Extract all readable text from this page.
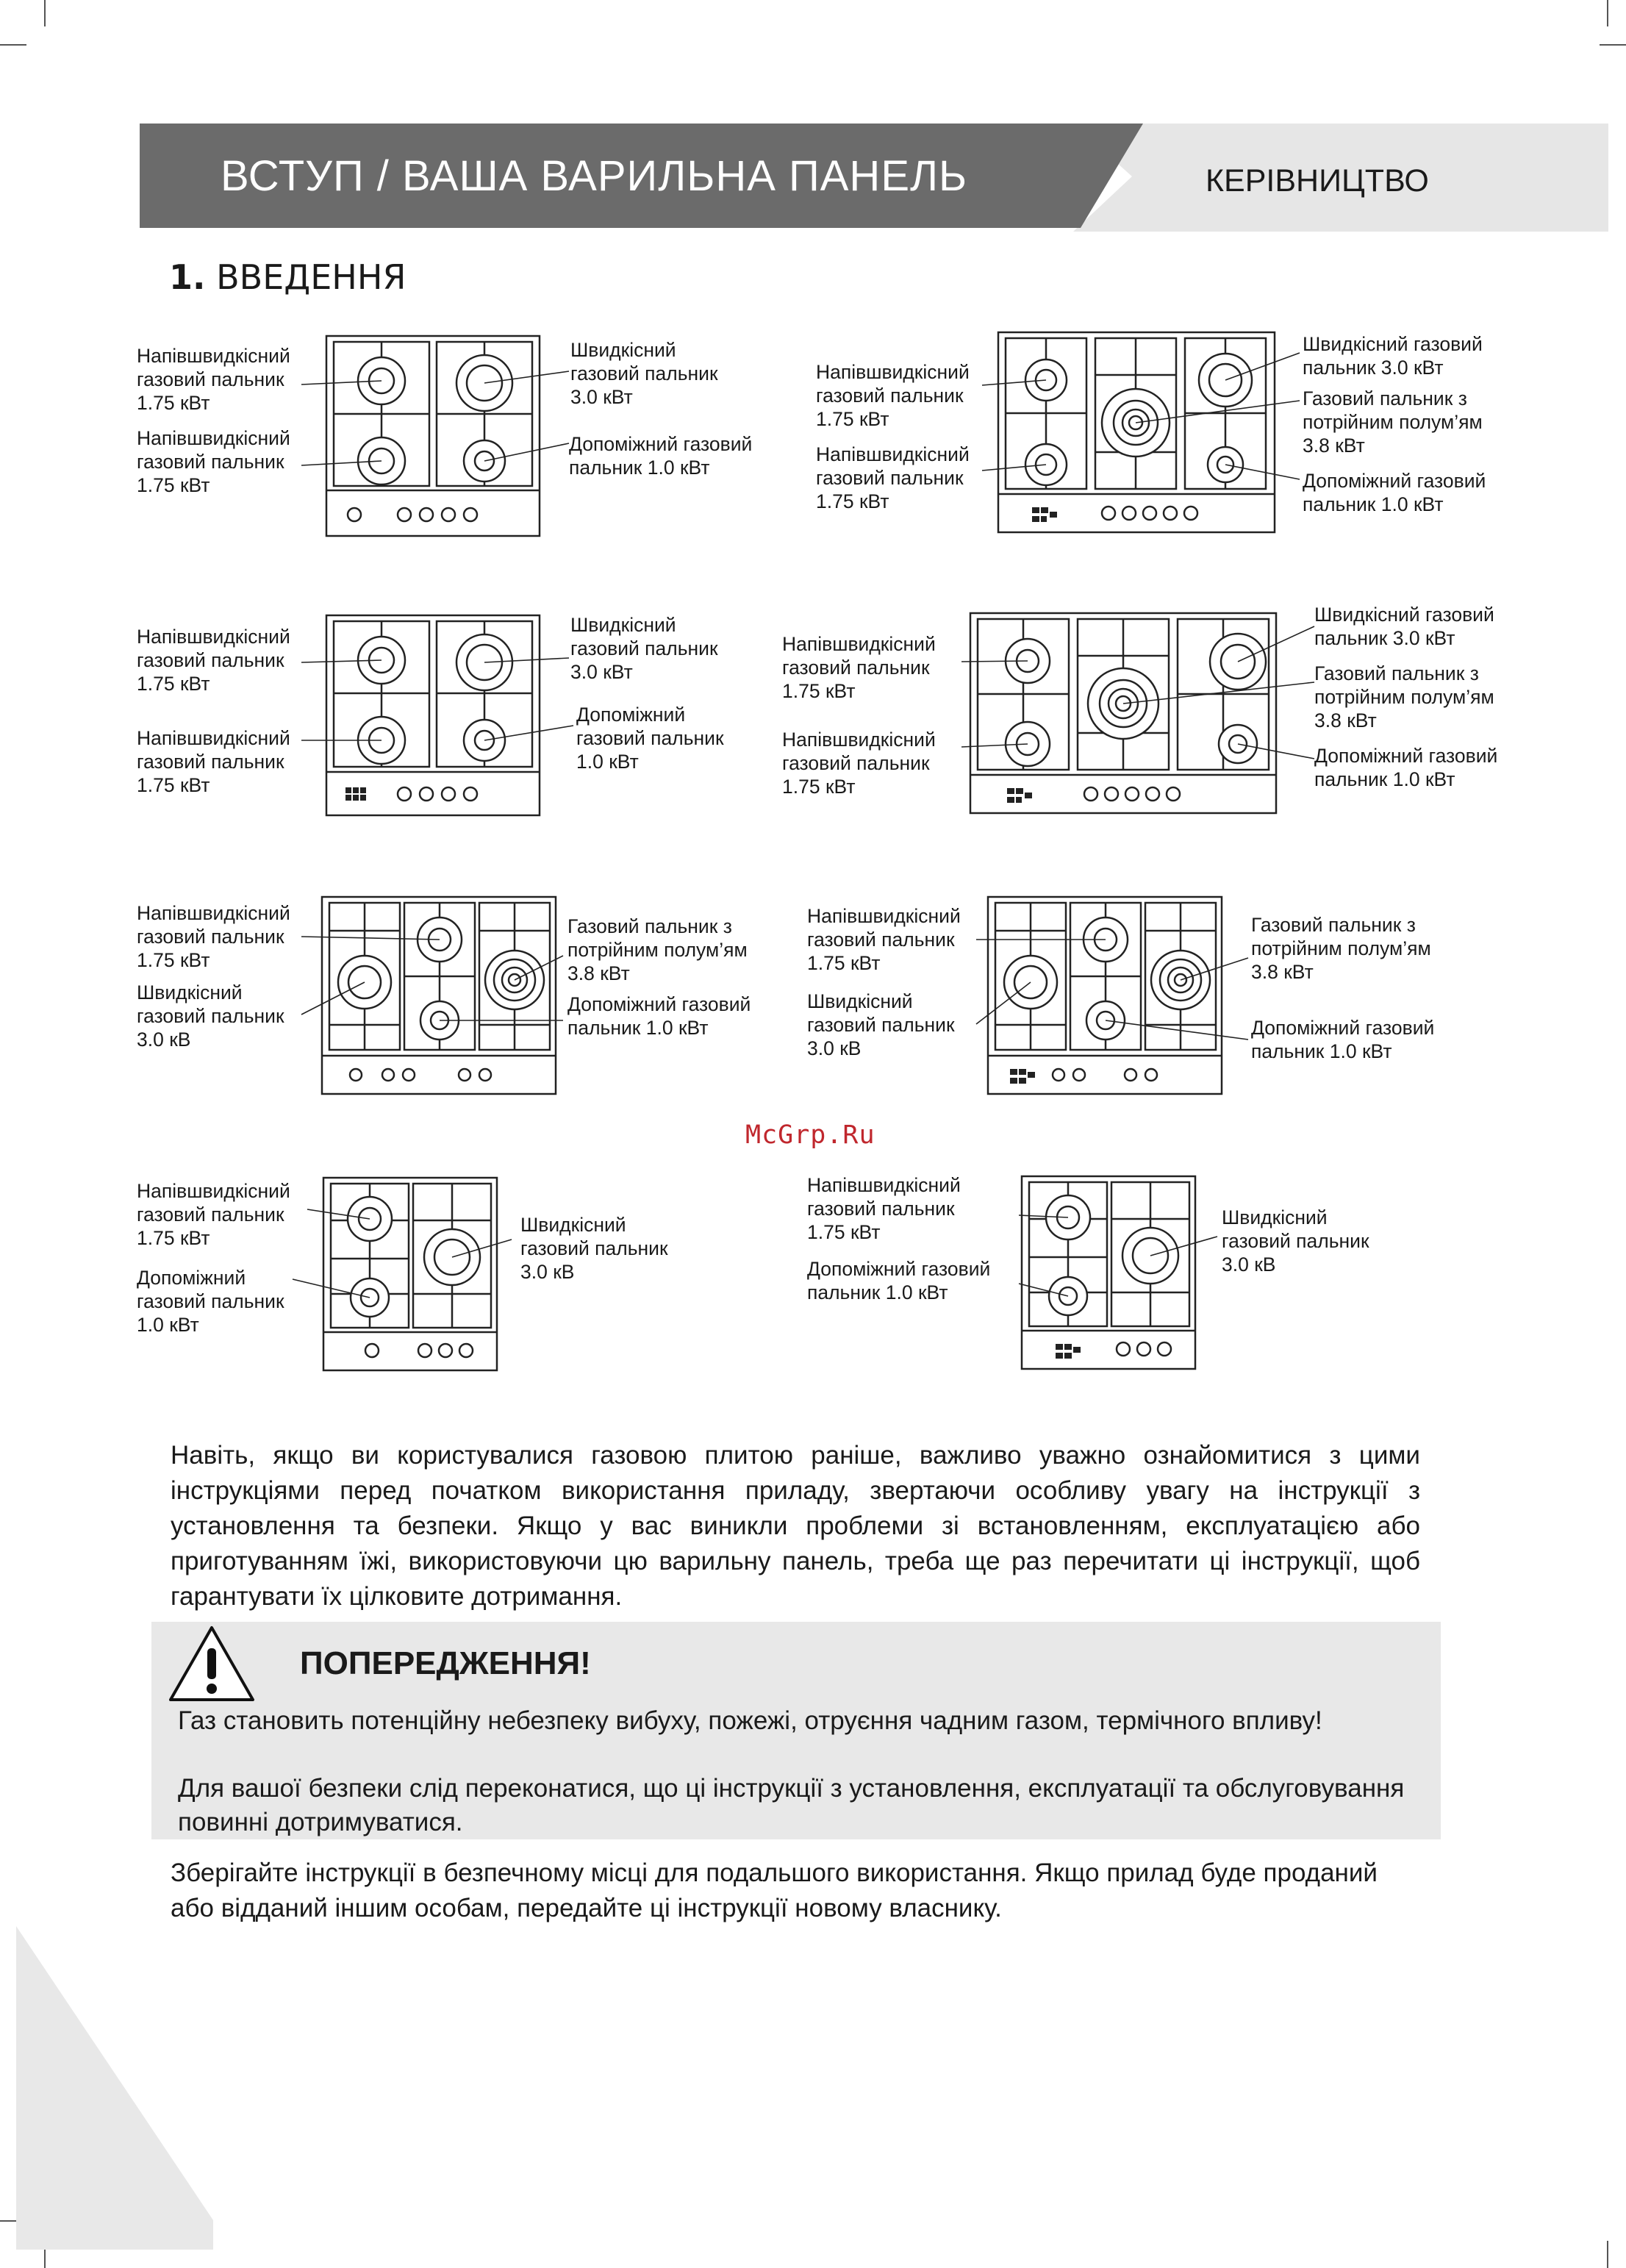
ВСТУП / ВАША ВАРИЛЬНА ПАНЕЛЬ	КЕРІВНИЦТВО
1. ВВЕДЕННЯ
Напівшвидкісний
газовий пальник
1.75 кВт
Напівшвидкісний
газовий пальник
1.75 кВт
Швидкісний
газовий пальник
3.0 кВт
Допоміжний газовий
пальник 1.0 кВт
Напівшвидкісний
газовий пальник
1.75 кВт
Напівшвидкісний
газовий пальник
1.75 кВт
Швидкісний газовий
пальник 3.0 кВт
Газовий пальник з
потрійним полум’ям
3.8 кВт
Допоміжний газовий
пальник 1.0 кВт
Напівшвидкісний
газовий пальник
1.75 кВт
Напівшвидкісний
газовий пальник
1.75 кВт
Швидкісний
газовий пальник
3.0 кВт
Допоміжний
газовий пальник
1.0 кВт
Напівшвидкісний
газовий пальник
1.75 кВт
Напівшвидкісний
газовий пальник
1.75 кВт
Швидкісний газовий
пальник 3.0 кВт
Газовий пальник з
потрійним полум’ям
3.8 кВт
Допоміжний газовий
пальник 1.0 кВт
Напівшвидкісний
газовий пальник
1.75 кВт
Швидкісний
газовий пальник
3.0 кВ
Газовий пальник з
потрійним полум’ям
3.8 кВт
Допоміжний газовий
пальник 1.0 кВт
Напівшвидкісний
газовий пальник
1.75 кВт
Швидкісний
газовий пальник
3.0 кВ
Газовий пальник з
потрійним полум’ям
3.8 кВт
Допоміжний газовий
пальник 1.0 кВт
McGrp.Ru
Напівшвидкісний
газовий пальник
1.75 кВт
Допоміжний
газовий пальник
1.0 кВт
Швидкісний
газовий пальник
3.0 кВ
Напівшвидкісний
газовий пальник
1.75 кВт
Допоміжний газовий
пальник 1.0 кВт
Швидкісний
газовий пальник
3.0 кВ
Навіть, якщо ви користувалися газовою плитою раніше, важливо уважно ознайомитися з цими інструкціями перед початком використання приладу, звертаючи особливу увагу на інструкції з установлення та безпеки. Якщо у вас виникли проблеми зі встановленням, експлуатацією або приготуванням їжі, використовуючи цю варильну панель, треба ще раз перечитати ці інструкції, щоб гарантувати їх цілковите дотримання.
ПОПЕРЕДЖЕННЯ!
Газ становить потенційну небезпеку вибуху, пожежі, отруєння чадним газом, термічного впливу!
Для вашої безпеки слід переконатися, що ці інструкції з установлення, експлуатації та обслуговування повинні дотримуватися.
Зберігайте інструкції в безпечному місці для подальшого використання. Якщо прилад буде проданий або відданий іншим особам, передайте ці інструкції новому власнику.
